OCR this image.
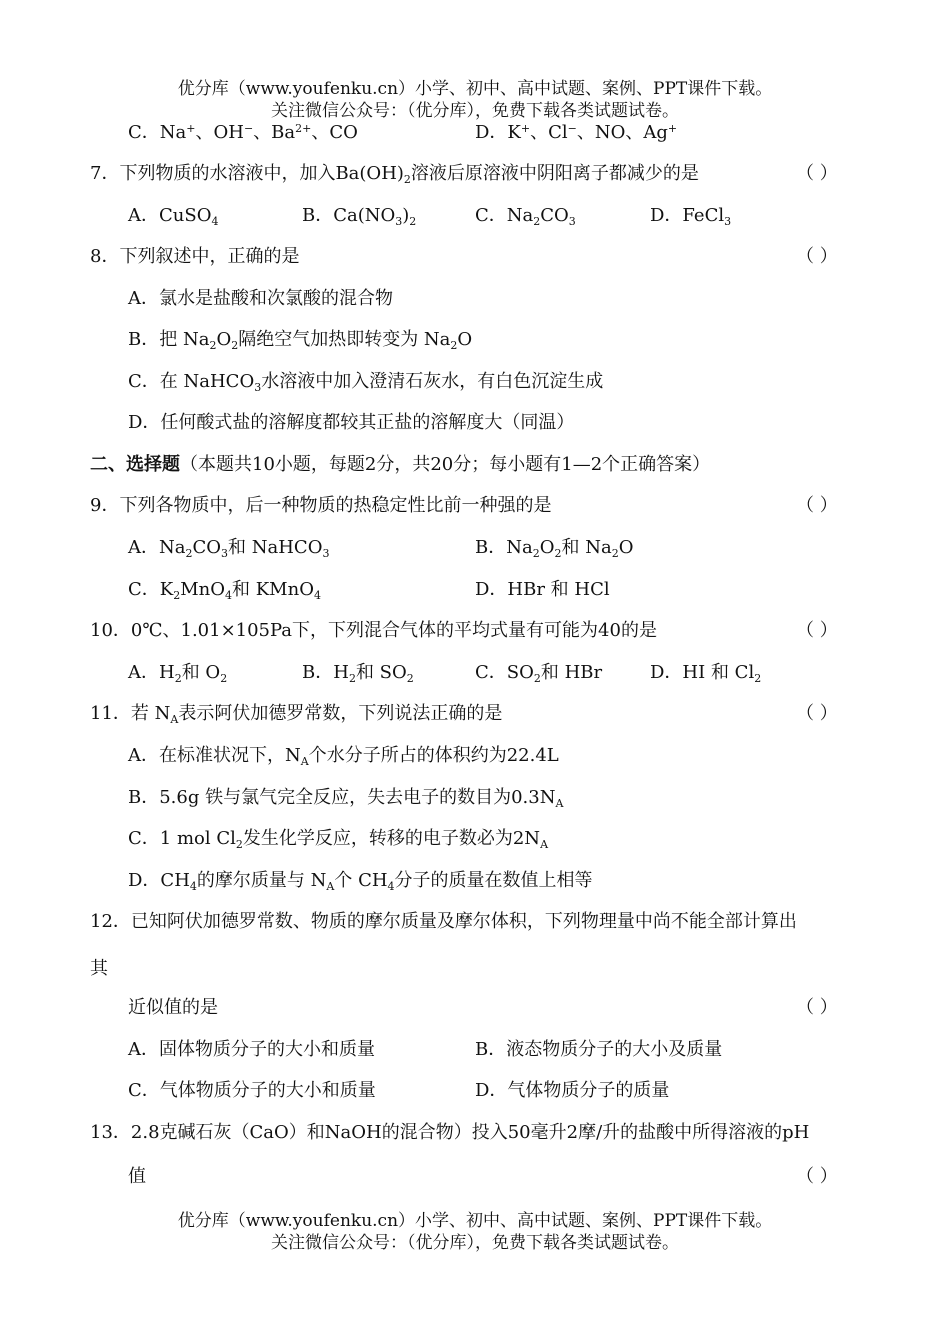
优分库（www.youfenku.cn）小学、初中、高中试题、案例、PPT课件下载。
关注微信公众号：（优分库），免费下载各类试题试卷。
C．Na+、OH−、$Ba^{2+}$、CO	D．K+、Cl−、NO、Ag+
7．下列物质的水溶液中，加入$Ba(OH)_2$溶液后原溶液中阴阳离子都减少的是	（ ）
A．CuSO$_4$	B．$Ca(NO_3)_2$	C．$Na_2CO_3$	D．FeCl$_3$
8．下列叙述中，正确的是	（ ）
A．氯水是盐酸和次氯酸的混合物
B．把 $Na_2O_2$隔绝空气加热即转变为 $Na_2O$
C．在 NaHCO$_3$水溶液中加入澄清石灰水，有白色沉淀生成
D．任何酸式盐的溶解度都较其正盐的溶解度大（同温）
二、选择题（本题共10小题，每题2分，共20分；每小题有1—2个正确答案）
9．下列各物质中，后一种物质的热稳定性比前一种强的是	（ ）
A．$Na_2CO_3$和 NaHCO$_3$	B．$Na_2O_2$和 $Na_2O$
C．$K_2MnO_4$和 KMnO$_4$	D．HBr 和 HCl
10．0℃、1.01×105Pa下，下列混合气体的平均式量有可能为40的是	（ ）
A．$H_2$和 $O_2$	B．$H_2$和 $SO_2$	C．$SO_2$和 HBr	D．HI 和 $Cl_2$
11．若 $N_A$表示阿伏加德罗常数，下列说法正确的是	（ ）
A．在标准状况下，$N_A$个水分子所占的体积约为22.4L
B．5.6g 铁与氯气完全反应，失去电子的数目为$0.3N_A$
C．1 mol $Cl_2$发生化学反应，转移的电子数必为$2N_A$
D．$CH_4$的摩尔质量与 $N_A$个 $CH_4$分子的质量在数值上相等
12．已知阿伏加德罗常数、物质的摩尔质量及摩尔体积，下列物理量中尚不能全部计算出
其
近似值的是	（ ）
A．固体物质分子的大小和质量	B．液态物质分子的大小及质量
C．气体物质分子的大小和质量	D．气体物质分子的质量
13．2.8克碱石灰（CaO）和NaOH的混合物）投入50毫升2摩/升的盐酸中所得溶液的pH
值	（ ）
优分库（www.youfenku.cn）小学、初中、高中试题、案例、PPT课件下载。
关注微信公众号：（优分库），免费下载各类试题试卷。
